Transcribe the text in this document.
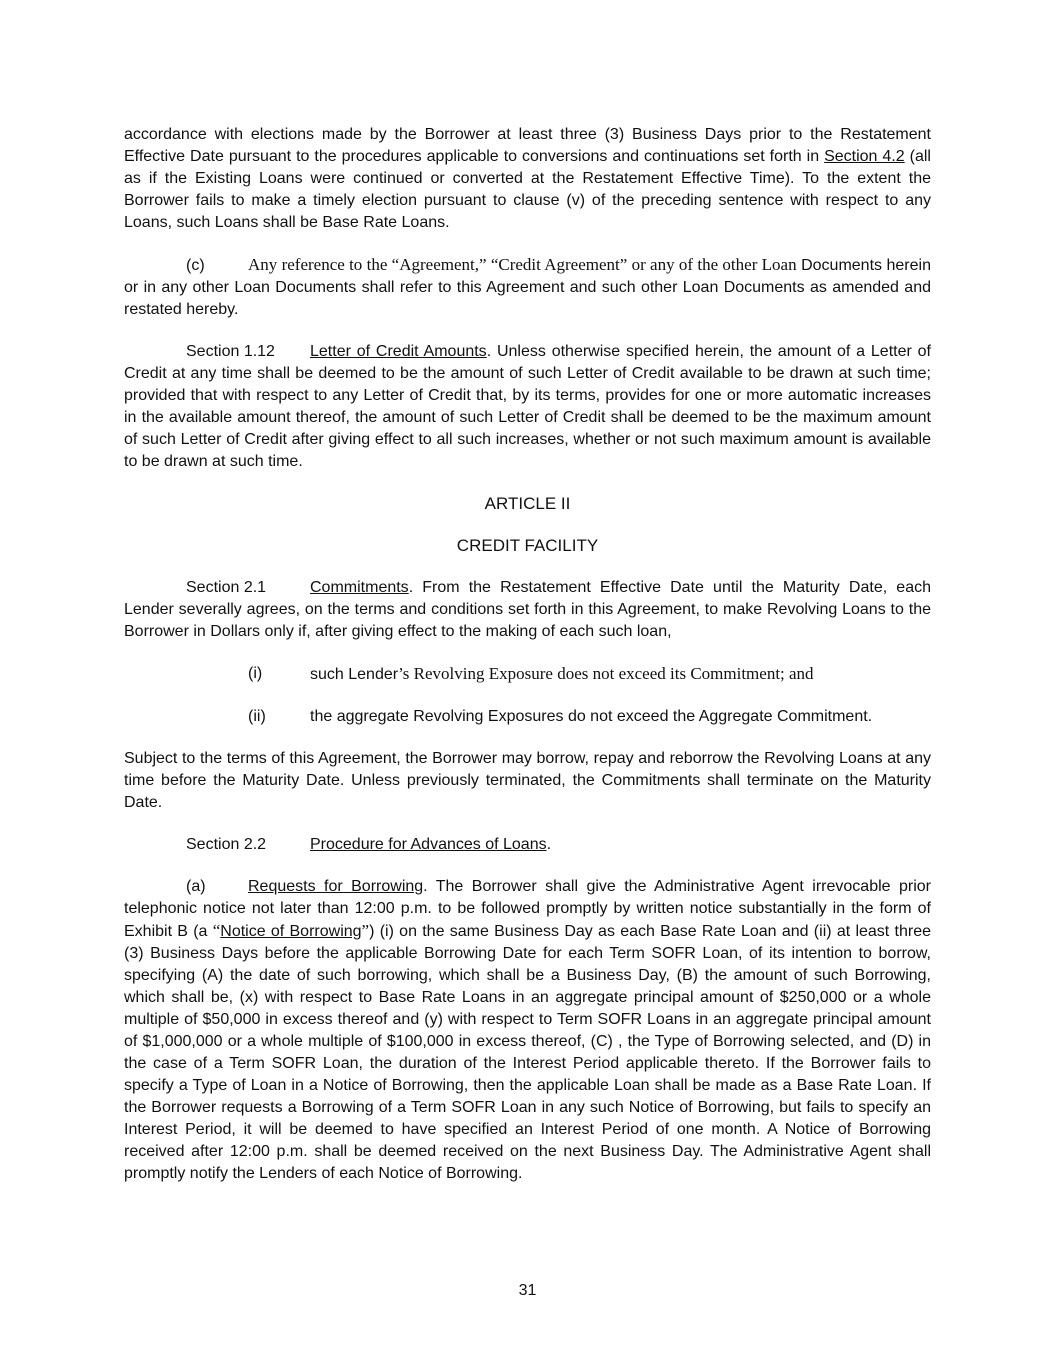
accordance with elections made by the Borrower at least three (3) Business Days prior to the Restatement Effective Date pursuant to the procedures applicable to conversions and continuations set forth in Section 4.2 (all as if the Existing Loans were continued or converted at the Restatement Effective Time). To the extent the Borrower fails to make a timely election pursuant to clause (v) of the preceding sentence with respect to any Loans, such Loans shall be Base Rate Loans.

(c)	Any reference to the “Agreement,” “Credit Agreement” or any of the other Loan Documents herein or in any other Loan Documents shall refer to this Agreement and such other Loan Documents as amended and restated hereby.

Section 1.12 Letter of Credit Amounts. Unless otherwise specified herein, the amount of a Letter of Credit at any time shall be deemed to be the amount of such Letter of Credit available to be drawn at such time; provided that with respect to any Letter of Credit that, by its terms, provides for one or more automatic increases in the available amount thereof, the amount of such Letter of Credit shall be deemed to be the maximum amount of such Letter of Credit after giving effect to all such increases, whether or not such maximum amount is available to be drawn at such time.

ARTICLE II

CREDIT FACILITY

Section 2.1	Commitments. From the Restatement Effective Date until the Maturity Date, each Lender severally agrees, on the terms and conditions set forth in this Agreement, to make Revolving Loans to the Borrower in Dollars only if, after giving effect to the making of each such loan,

(i)	such Lender’s Revolving Exposure does not exceed its Commitment; and
(ii)	the aggregate Revolving Exposures do not exceed the Aggregate Commitment.

Subject to the terms of this Agreement, the Borrower may borrow, repay and reborrow the Revolving Loans at any time before the Maturity Date. Unless previously terminated, the Commitments shall terminate on the Maturity Date.

Section 2.2	Procedure for Advances of Loans.

(a)	Requests for Borrowing. The Borrower shall give the Administrative Agent irrevocable prior telephonic notice not later than 12:00 p.m. to be followed promptly by written notice substantially in the form of Exhibit B (a “Notice of Borrowing”) (i) on the same Business Day as each Base Rate Loan and (ii) at least three (3) Business Days before the applicable Borrowing Date for each Term SOFR Loan, of its intention to borrow, specifying (A) the date of such borrowing, which shall be a Business Day, (B) the amount of such Borrowing, which shall be, (x) with respect to Base Rate Loans in an aggregate principal amount of $250,000 or a whole multiple of $50,000 in excess thereof and (y) with respect to Term SOFR Loans in an aggregate principal amount of $1,000,000 or a whole multiple of $100,000 in excess thereof, (C) , the Type of Borrowing selected, and (D) in the case of a Term SOFR Loan, the duration of the Interest Period applicable thereto. If the Borrower fails to specify a Type of Loan in a Notice of Borrowing, then the applicable Loan shall be made as a Base Rate Loan. If the Borrower requests a Borrowing of a Term SOFR Loan in any such Notice of Borrowing, but fails to specify an Interest Period, it will be deemed to have specified an Interest Period of one month. A Notice of Borrowing received after 12:00 p.m. shall be deemed received on the next Business Day. The Administrative Agent shall promptly notify the Lenders of each Notice of Borrowing.

31
